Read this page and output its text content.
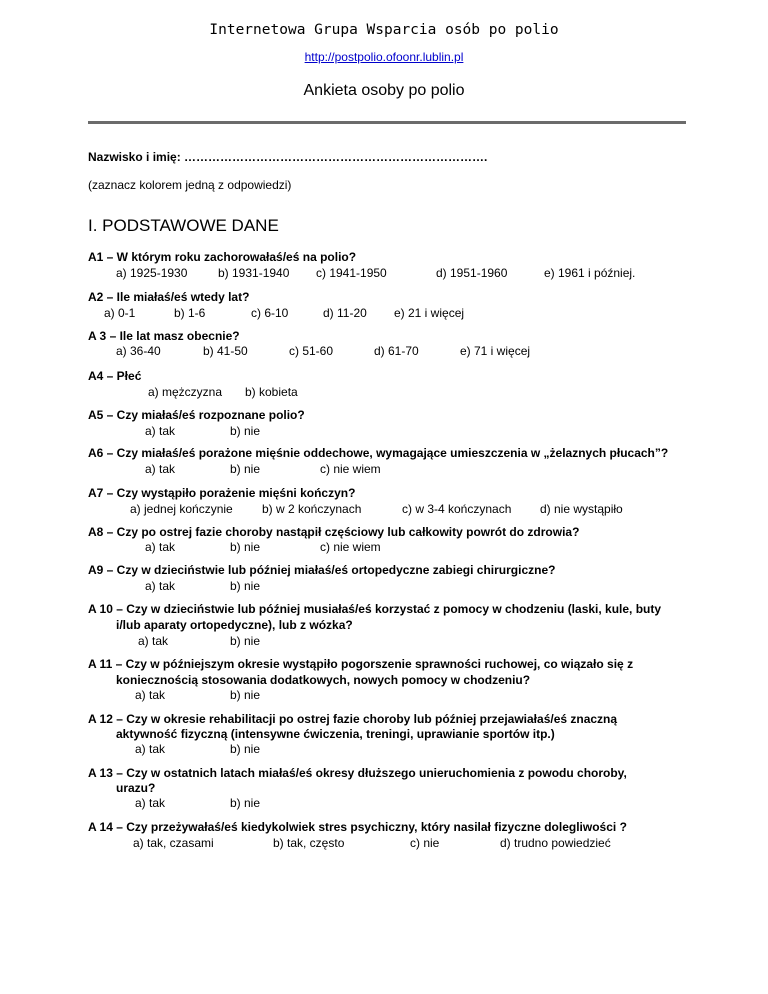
Internetowa Grupa Wsparcia osób po polio
http://postpolio.ofoonr.lublin.pl
Ankieta osoby po polio
Nazwisko i imię: ………………………………………………………………….
(zaznacz kolorem jedną z odpowiedzi)
I. PODSTAWOWE DANE
A1 – W którym roku zachorowałaś/eś na polio?
a) 1925-1930	b) 1931-1940 c) 1941-1950	d) 1951-1960	e) 1961 i później.
A2 – Ile miałaś/eś wtedy lat?
a) 0-1	b) 1-6	c) 6-10	d) 11-20 e) 21 i więcej
A 3 – Ile lat masz obecnie?
a) 36-40	b) 41-50	c) 51-60	d) 61-70	e) 71 i więcej
A4 – Płeć
a) mężczyzna b) kobieta
A5 – Czy miałaś/eś rozpoznane polio?
a) tak	b) nie
A6 – Czy miałaś/eś porażone mięśnie oddechowe, wymagające umieszczenia w „żelaznych płucach”?
a) tak	b) nie	c) nie wiem
A7 – Czy wystąpiło porażenie mięśni kończyn?
a) jednej kończynie b) w 2 kończynach	c) w 3-4 kończynach d) nie wystąpiło
A8 – Czy po ostrej fazie choroby nastąpił częściowy lub całkowity powrót do zdrowia?
a) tak	b) nie	c) nie wiem
A9 – Czy w dzieciństwie lub później miałaś/eś ortopedyczne zabiegi chirurgiczne?
a) tak	b) nie
A 10 – Czy w dzieciństwie lub później musiałaś/eś korzystać z pomocy w chodzeniu (laski, kule, buty
i/lub aparaty ortopedyczne), lub z wózka?
a) tak	b) nie
A 11 – Czy w późniejszym okresie wystąpiło pogorszenie sprawności ruchowej, co wiązało się z
koniecznością stosowania dodatkowych, nowych pomocy w chodzeniu?
a) tak	b) nie
A 12 – Czy w okresie rehabilitacji po ostrej fazie choroby lub później przejawiałaś/eś znaczną
aktywność fizyczną (intensywne ćwiczenia, treningi, uprawianie sportów itp.)
a) tak	b) nie
A 13 – Czy w ostatnich latach miałaś/eś okresy dłuższego unieruchomienia z powodu choroby,
urazu?
a) tak	b) nie
A 14 – Czy przeżywałaś/eś kiedykolwiek stres psychiczny, który nasilał fizyczne dolegliwości ?
a) tak, czasami	b) tak, często	c) nie	d) trudno powiedzieć
